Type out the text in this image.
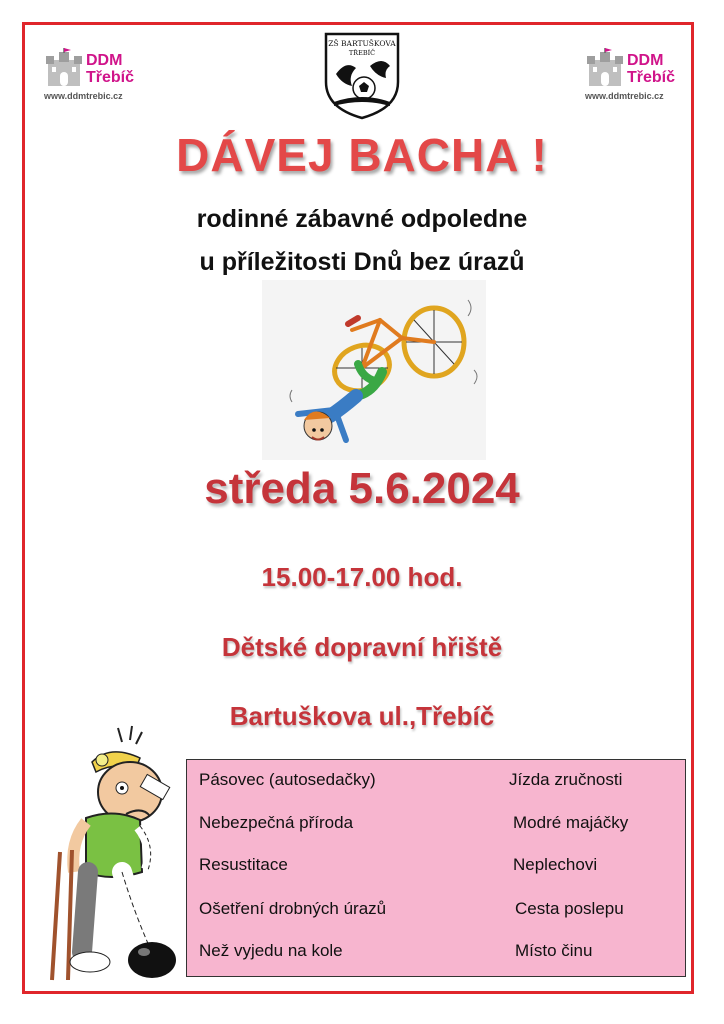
DDM
Třebíč
www.ddmtrebic.cz
DDM
Třebíč
www.ddmtrebic.cz
ZŠ BARTUŠKOVA
TŘEBÍČ
DÁVEJ BACHA !
rodinné zábavné odpoledne
u příležitosti Dnů bez úrazů
středa 5.6.2024
15.00-17.00 hod.
Dětské dopravní hřiště
Bartuškova ul.,Třebíč
Pásovec (autosedačky)
Nebezpečná příroda
Resustitace
Ošetření drobných úrazů
Než vyjedu na kole
Jízda zručnosti
Modré majáčky
Neplechovi
Cesta poslepu
Místo činu
